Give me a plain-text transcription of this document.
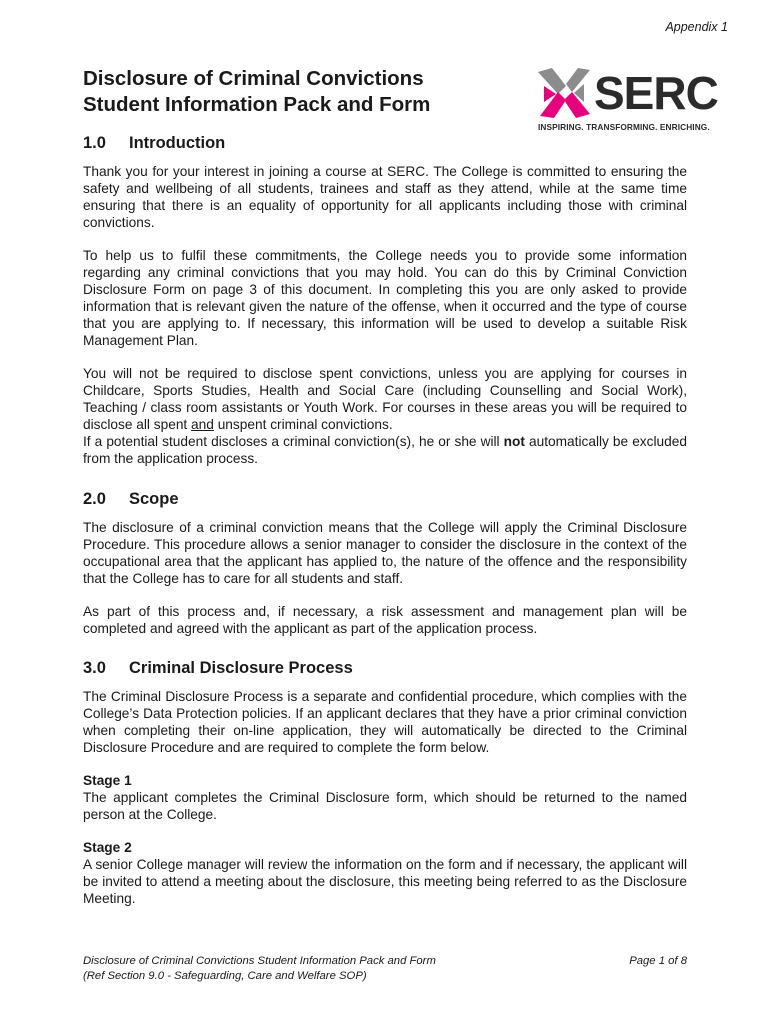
Appendix 1
Disclosure of Criminal Convictions
Student Information Pack and Form	SERC
INSPIRING. TRANSFORMING. ENRICHING.
1.0 Introduction

Thank you for your interest in joining a course at SERC. The College is committed to ensuring the safety and wellbeing of all students, trainees and staff as they attend, while at the same time ensuring that there is an equality of opportunity for all applicants including those with criminal convictions.

To help us to fulfil these commitments, the College needs you to provide some information regarding any criminal convictions that you may hold. You can do this by Criminal Conviction Disclosure Form on page 3 of this document. In completing this you are only asked to provide information that is relevant given the nature of the offense, when it occurred and the type of course that you are applying to. If necessary, this information will be used to develop a suitable Risk Management Plan.

You will not be required to disclose spent convictions, unless you are applying for courses in Childcare, Sports Studies, Health and Social Care (including Counselling and Social Work), Teaching / class room assistants or Youth Work. For courses in these areas you will be required to disclose all spent and unspent criminal convictions.
If a potential student discloses a criminal conviction(s), he or she will not automatically be excluded from the application process.

2.0 Scope

The disclosure of a criminal conviction means that the College will apply the Criminal Disclosure Procedure. This procedure allows a senior manager to consider the disclosure in the context of the occupational area that the applicant has applied to, the nature of the offence and the responsibility that the College has to care for all students and staff.

As part of this process and, if necessary, a risk assessment and management plan will be completed and agreed with the applicant as part of the application process.

3.0 Criminal Disclosure Process

The Criminal Disclosure Process is a separate and confidential procedure, which complies with the College’s Data Protection policies. If an applicant declares that they have a prior criminal conviction when completing their on-line application, they will automatically be directed to the Criminal Disclosure Procedure and are required to complete the form below.

Stage 1
The applicant completes the Criminal Disclosure form, which should be returned to the named person at the College.

Stage 2
A senior College manager will review the information on the form and if necessary, the applicant will be invited to attend a meeting about the disclosure, this meeting being referred to as the Disclosure Meeting.

Disclosure of Criminal Convictions Student Information Pack and Form
(Ref Section 9.0 - Safeguarding, Care and Welfare SOP)
Page 1 of 8
